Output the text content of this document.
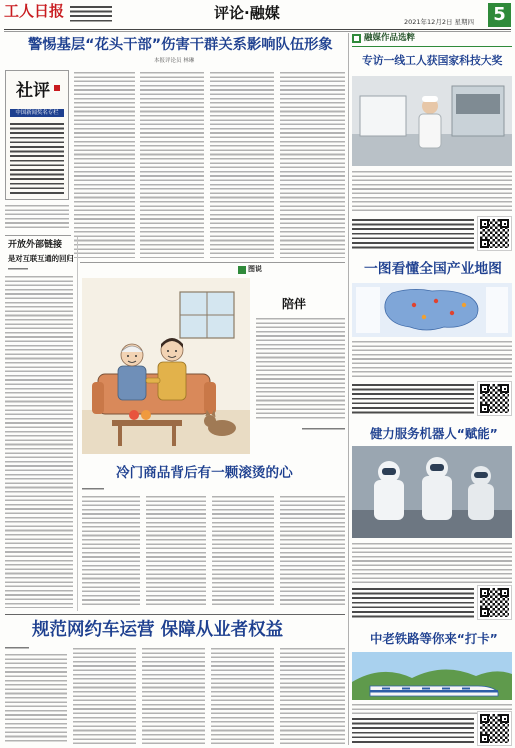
工人日报	评论·融媒	2021年12月2日 星期四 5
警惕基层“花头干部”伤害干群关系影响队伍形象
本报评论员 林琳
社评
中国新闻奖名专栏
开放外部链接
是对互联互通的回归
图说
陪伴
冷门商品背后有一颗滚烫的心
规范网约车运营 保障从业者权益
融媒作品选粹
专访一线工人获国家科技大奖
一图看懂全国产业地图
健力服务机器人“赋能”
中老铁路等你来“打卡”
